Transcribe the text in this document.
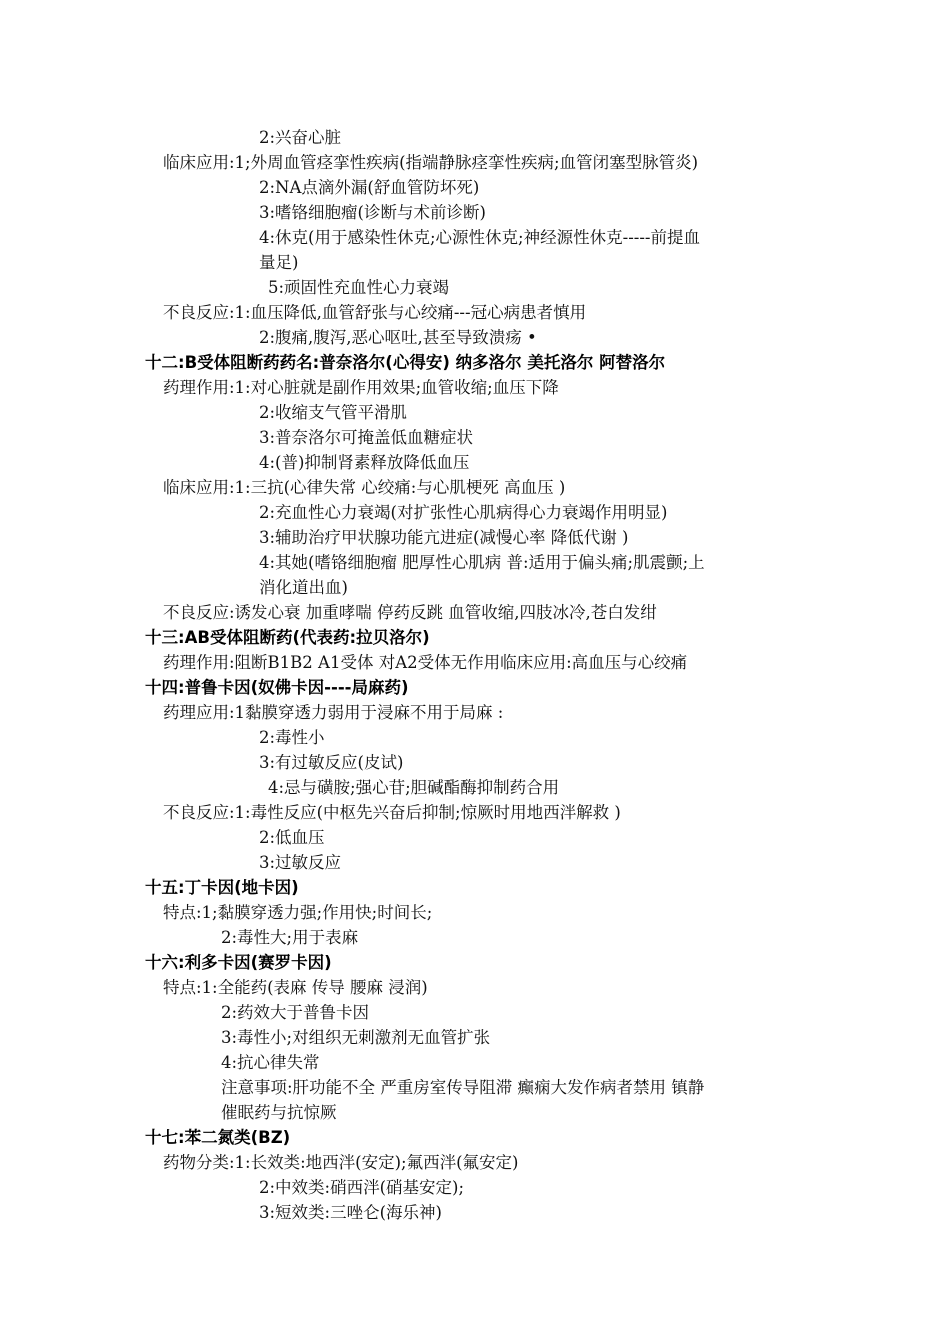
2:兴奋心脏
临床应用:1;外周血管痉挛性疾病(指端静脉痉挛性疾病;血管闭塞型脉管炎)
2:NA点滴外漏(舒血管防坏死)
3:嗜铬细胞瘤(诊断与术前诊断)
4:休克(用于感染性休克;心源性休克;神经源性休克-----前提血
量足)
5:顽固性充血性心力衰竭
不良反应:1:血压降低,血管舒张与心绞痛---冠心病患者慎用
2:腹痛,腹泻,恶心呕吐,甚至导致溃疡 •
十二:B受体阻断药药名:普奈洛尔(心得安) 纳多洛尔 美托洛尔 阿替洛尔
药理作用:1:对心脏就是副作用效果;血管收缩;血压下降
2:收缩支气管平滑肌
3:普奈洛尔可掩盖低血糖症状
4:(普)抑制肾素释放降低血压
临床应用:1:三抗(心律失常 心绞痛:与心肌梗死 高血压 )
2:充血性心力衰竭(对扩张性心肌病得心力衰竭作用明显)
3:辅助治疗甲状腺功能亢进症(减慢心率 降低代谢 )
4:其她(嗜铬细胞瘤 肥厚性心肌病 普:适用于偏头痛;肌震颤;上
消化道出血)
不良反应:诱发心衰 加重哮喘 停药反跳 血管收缩,四肢冰冷,苍白发绀
十三:AB受体阻断药(代表药:拉贝洛尔)
药理作用:阻断B1B2 A1受体 对A2受体无作用临床应用:高血压与心绞痛
十四:普鲁卡因(奴佛卡因----局麻药)
药理应用:1黏膜穿透力弱用于浸麻不用于局麻 :
2:毒性小
3:有过敏反应(皮试)
4:忌与磺胺;强心苷;胆碱酯酶抑制药合用
不良反应:1:毒性反应(中枢先兴奋后抑制;惊厥时用地西泮解救 )
2:低血压
3:过敏反应
十五:丁卡因(地卡因)
特点:1;黏膜穿透力强;作用快;时间长;
2:毒性大;用于表麻
十六:利多卡因(赛罗卡因)
特点:1:全能药(表麻 传导 腰麻 浸润)
2:药效大于普鲁卡因
3:毒性小;对组织无刺激剂无血管扩张
4:抗心律失常
注意事项:肝功能不全 严重房室传导阻滞 癫痫大发作病者禁用 镇静
催眠药与抗惊厥
十七:苯二氮类(BZ)
药物分类:1:长效类:地西泮(安定);氟西泮(氟安定)
2:中效类:硝西泮(硝基安定);
3:短效类:三唑仑(海乐神)
